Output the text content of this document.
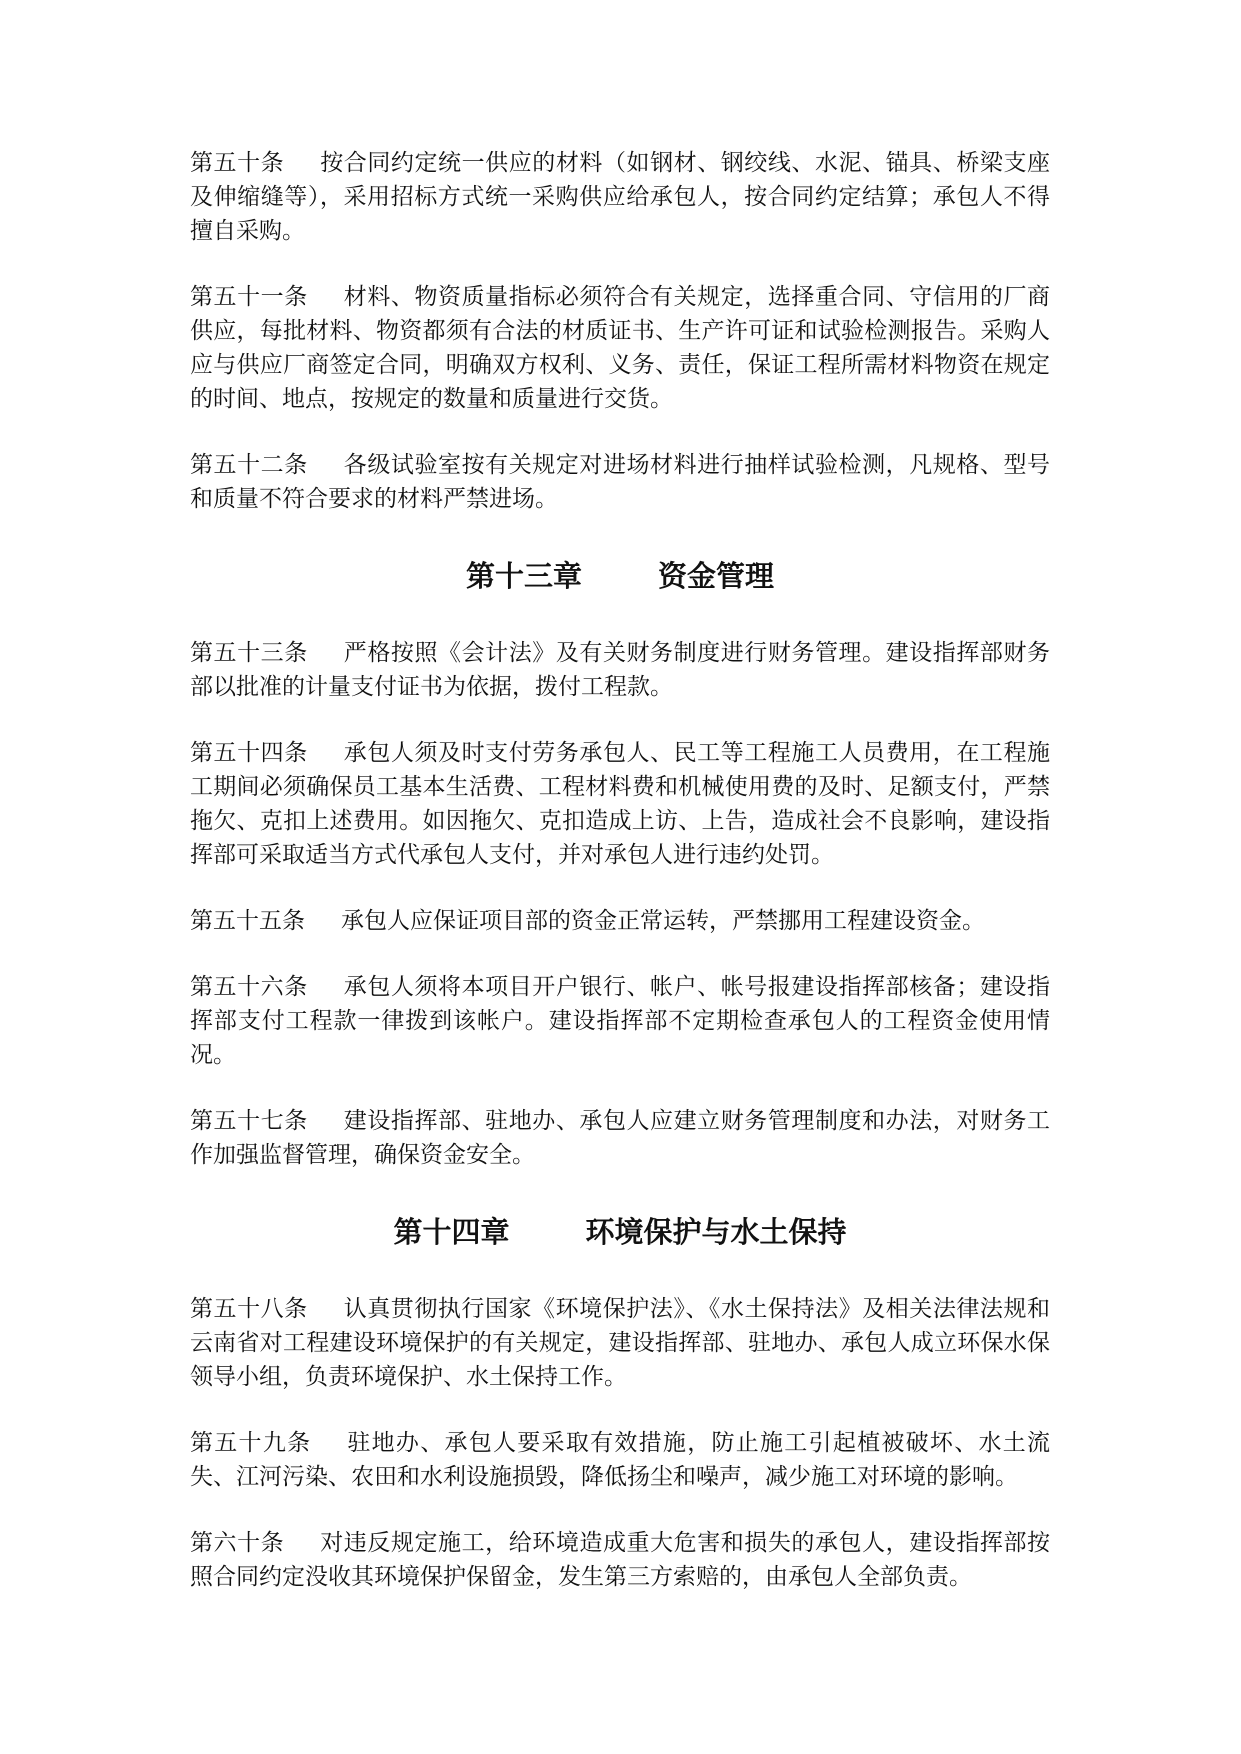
第五十条 按合同约定统一供应的材料（如钢材、钢绞线、水泥、锚具、桥梁支座及伸缩缝等），采用招标方式统一采购供应给承包人，按合同约定结算；承包人不得擅自采购。

第五十一条 材料、物资质量指标必须符合有关规定，选择重合同、守信用的厂商供应，每批材料、物资都须有合法的材质证书、生产许可证和试验检测报告。采购人应与供应厂商签定合同，明确双方权利、义务、责任，保证工程所需材料物资在规定的时间、地点，按规定的数量和质量进行交货。

第五十二条 各级试验室按有关规定对进场材料进行抽样试验检测，凡规格、型号和质量不符合要求的材料严禁进场。

第十三章	资金管理

第五十三条 严格按照《会计法》及有关财务制度进行财务管理。建设指挥部财务部以批准的计量支付证书为依据，拨付工程款。

第五十四条 承包人须及时支付劳务承包人、民工等工程施工人员费用，在工程施工期间必须确保员工基本生活费、工程材料费和机械使用费的及时、足额支付，严禁拖欠、克扣上述费用。如因拖欠、克扣造成上访、上告，造成社会不良影响，建设指挥部可采取适当方式代承包人支付，并对承包人进行违约处罚。

第五十五条 承包人应保证项目部的资金正常运转，严禁挪用工程建设资金。

第五十六条 承包人须将本项目开户银行、帐户、帐号报建设指挥部核备；建设指挥部支付工程款一律拨到该帐户。建设指挥部不定期检查承包人的工程资金使用情况。

第五十七条 建设指挥部、驻地办、承包人应建立财务管理制度和办法，对财务工作加强监督管理，确保资金安全。

第十四章	环境保护与水土保持

第五十八条 认真贯彻执行国家《环境保护法》、《水土保持法》及相关法律法规和云南省对工程建设环境保护的有关规定，建设指挥部、驻地办、承包人成立环保水保领导小组，负责环境保护、水土保持工作。

第五十九条 驻地办、承包人要采取有效措施，防止施工引起植被破坏、水土流失、江河污染、农田和水利设施损毁，降低扬尘和噪声，减少施工对环境的影响。

第六十条 对违反规定施工，给环境造成重大危害和损失的承包人，建设指挥部按照合同约定没收其环境保护保留金，发生第三方索赔的，由承包人全部负责。
